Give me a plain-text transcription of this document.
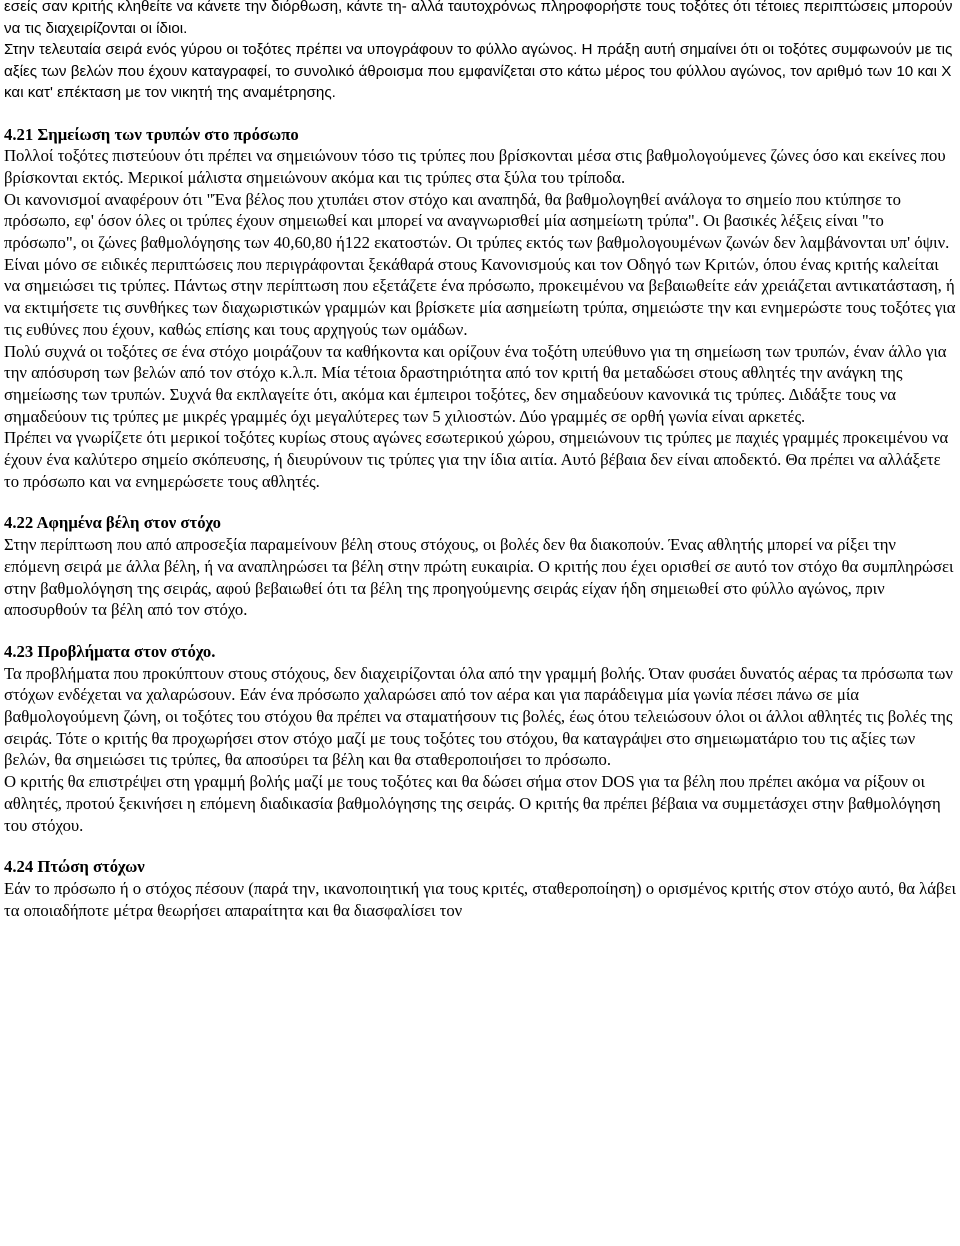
εσείς σαν κριτής κληθείτε να κάνετε την διόρθωση, κάντε τη- αλλά ταυτοχρόνως πληροφορήστε τους τοξότες ότι τέτοιες περιπτώσεις μπορούν να τις διαχειρίζονται οι ίδιοι.

Στην τελευταία σειρά ενός γύρου οι τοξότες πρέπει να υπογράφουν το φύλλο αγώνος. Η πράξη αυτή σημαίνει ότι οι τοξότες συμφωνούν με τις αξίες των βελών που έχουν καταγραφεί, το συνολικό άθροισμα που εμφανίζεται στο κάτω μέρος του φύλλου αγώνος, τον αριθμό των 10 και X και κατ' επέκταση με τον νικητή της αναμέτρησης.

4.21 Σημείωση των τρυπών στο πρόσωπο

Πολλοί τοξότες πιστεύουν ότι πρέπει να σημειώνουν τόσο τις τρύπες που βρίσκονται μέσα στις βαθμολογούμενες ζώνες όσο και εκείνες που βρίσκονται εκτός. Μερικοί μάλιστα σημειώνουν ακόμα και τις τρύπες στα ξύλα του τρίποδα.

Οι κανονισμοί αναφέρουν ότι "Ένα βέλος που χτυπάει στον στόχο και αναπηδά, θα βαθμολογηθεί ανάλογα το σημείο που κτύπησε το πρόσωπο, εφ' όσον όλες οι τρύπες έχουν σημειωθεί και μπορεί να αναγνωρισθεί μία ασημείωτη τρύπα". Οι βασικές λέξεις είναι "το πρόσωπο", οι ζώνες βαθμολόγησης των 40,60,80 ή122 εκατοστών. Οι τρύπες εκτός των βαθμολογουμένων ζωνών δεν λαμβάνονται υπ' όψιν.

Είναι μόνο σε ειδικές περιπτώσεις που περιγράφονται ξεκάθαρά στους Κανονισμούς και τον Οδηγό των Κριτών, όπου ένας κριτής καλείται να σημειώσει τις τρύπες. Πάντως στην περίπτωση που εξετάζετε ένα πρόσωπο, προκειμένου να βεβαιωθείτε εάν χρειάζεται αντικατάσταση, ή να εκτιμήσετε τις συνθήκες των διαχωριστικών γραμμών και βρίσκετε μία ασημείωτη τρύπα, σημειώστε την και ενημερώστε τους τοξότες για τις ευθύνες που έχουν, καθώς επίσης και τους αρχηγούς των ομάδων.

Πολύ συχνά οι τοξότες σε ένα στόχο μοιράζουν τα καθήκοντα και ορίζουν ένα τοξότη υπεύθυνο για τη σημείωση των τρυπών, έναν άλλο για την απόσυρση των βελών από τον στόχο κ.λ.π. Μία τέτοια δραστηριότητα από τον κριτή θα μεταδώσει στους αθλητές την ανάγκη της σημείωσης των τρυπών. Συχνά θα εκπλαγείτε ότι, ακόμα και έμπειροι τοξότες, δεν σημαδεύουν κανονικά τις τρύπες. Διδάξτε τους να σημαδεύουν τις τρύπες με μικρές γραμμές όχι μεγαλύτερες των 5 χιλιοστών. Δύο γραμμές σε ορθή γωνία είναι αρκετές.

Πρέπει να γνωρίζετε ότι μερικοί τοξότες κυρίως στους αγώνες εσωτερικού χώρου, σημειώνουν τις τρύπες με παχιές γραμμές προκειμένου να έχουν ένα καλύτερο σημείο σκόπευσης, ή διευρύνουν τις τρύπες για την ίδια αιτία. Αυτό βέβαια δεν είναι αποδεκτό. Θα πρέπει να αλλάξετε το πρόσωπο και να ενημερώσετε τους αθλητές.

4.22 Αφημένα βέλη στον στόχο

Στην περίπτωση που από απροσεξία παραμείνουν βέλη στους στόχους, οι βολές δεν θα διακοπούν. Ένας αθλητής μπορεί να ρίξει την επόμενη σειρά με άλλα βέλη, ή να αναπληρώσει τα βέλη στην πρώτη ευκαιρία. Ο κριτής που έχει ορισθεί σε αυτό τον στόχο θα συμπληρώσει στην βαθμολόγηση της σειράς, αφού βεβαιωθεί ότι τα βέλη της προηγούμενης σειράς είχαν ήδη σημειωθεί στο φύλλο αγώνος, πριν αποσυρθούν τα βέλη από τον στόχο.

4.23 Προβλήματα στον στόχο.

Τα προβλήματα που προκύπτουν στους στόχους, δεν διαχειρίζονται όλα από την γραμμή βολής. Όταν φυσάει δυνατός αέρας τα πρόσωπα των στόχων ενδέχεται να χαλαρώσουν. Εάν ένα πρόσωπο χαλαρώσει από τον αέρα και για παράδειγμα μία γωνία πέσει πάνω σε μία βαθμολογούμενη ζώνη, οι τοξότες του στόχου θα πρέπει να σταματήσουν τις βολές, έως ότου τελειώσουν όλοι οι άλλοι αθλητές τις βολές της σειράς. Τότε ο κριτής θα προχωρήσει στον στόχο μαζί με τους τοξότες του στόχου, θα καταγράψει στο σημειωματάριο του τις αξίες των βελών, θα σημειώσει τις τρύπες, θα αποσύρει τα βέλη και θα σταθεροποιήσει το πρόσωπο.

Ο κριτής θα επιστρέψει στη γραμμή βολής μαζί με τους τοξότες και θα δώσει σήμα στον DOS για τα βέλη που πρέπει ακόμα να ρίξουν οι αθλητές, προτού ξεκινήσει η επόμενη διαδικασία βαθμολόγησης της σειράς. Ο κριτής θα πρέπει βέβαια να συμμετάσχει στην βαθμολόγηση του στόχου.

4.24 Πτώση στόχων

Εάν το πρόσωπο ή ο στόχος πέσουν (παρά την, ικανοποιητική για τους κριτές, σταθεροποίηση) ο ορισμένος κριτής στον στόχο αυτό, θα λάβει τα οποιαδήποτε μέτρα θεωρήσει απαραίτητα και θα διασφαλίσει τον
